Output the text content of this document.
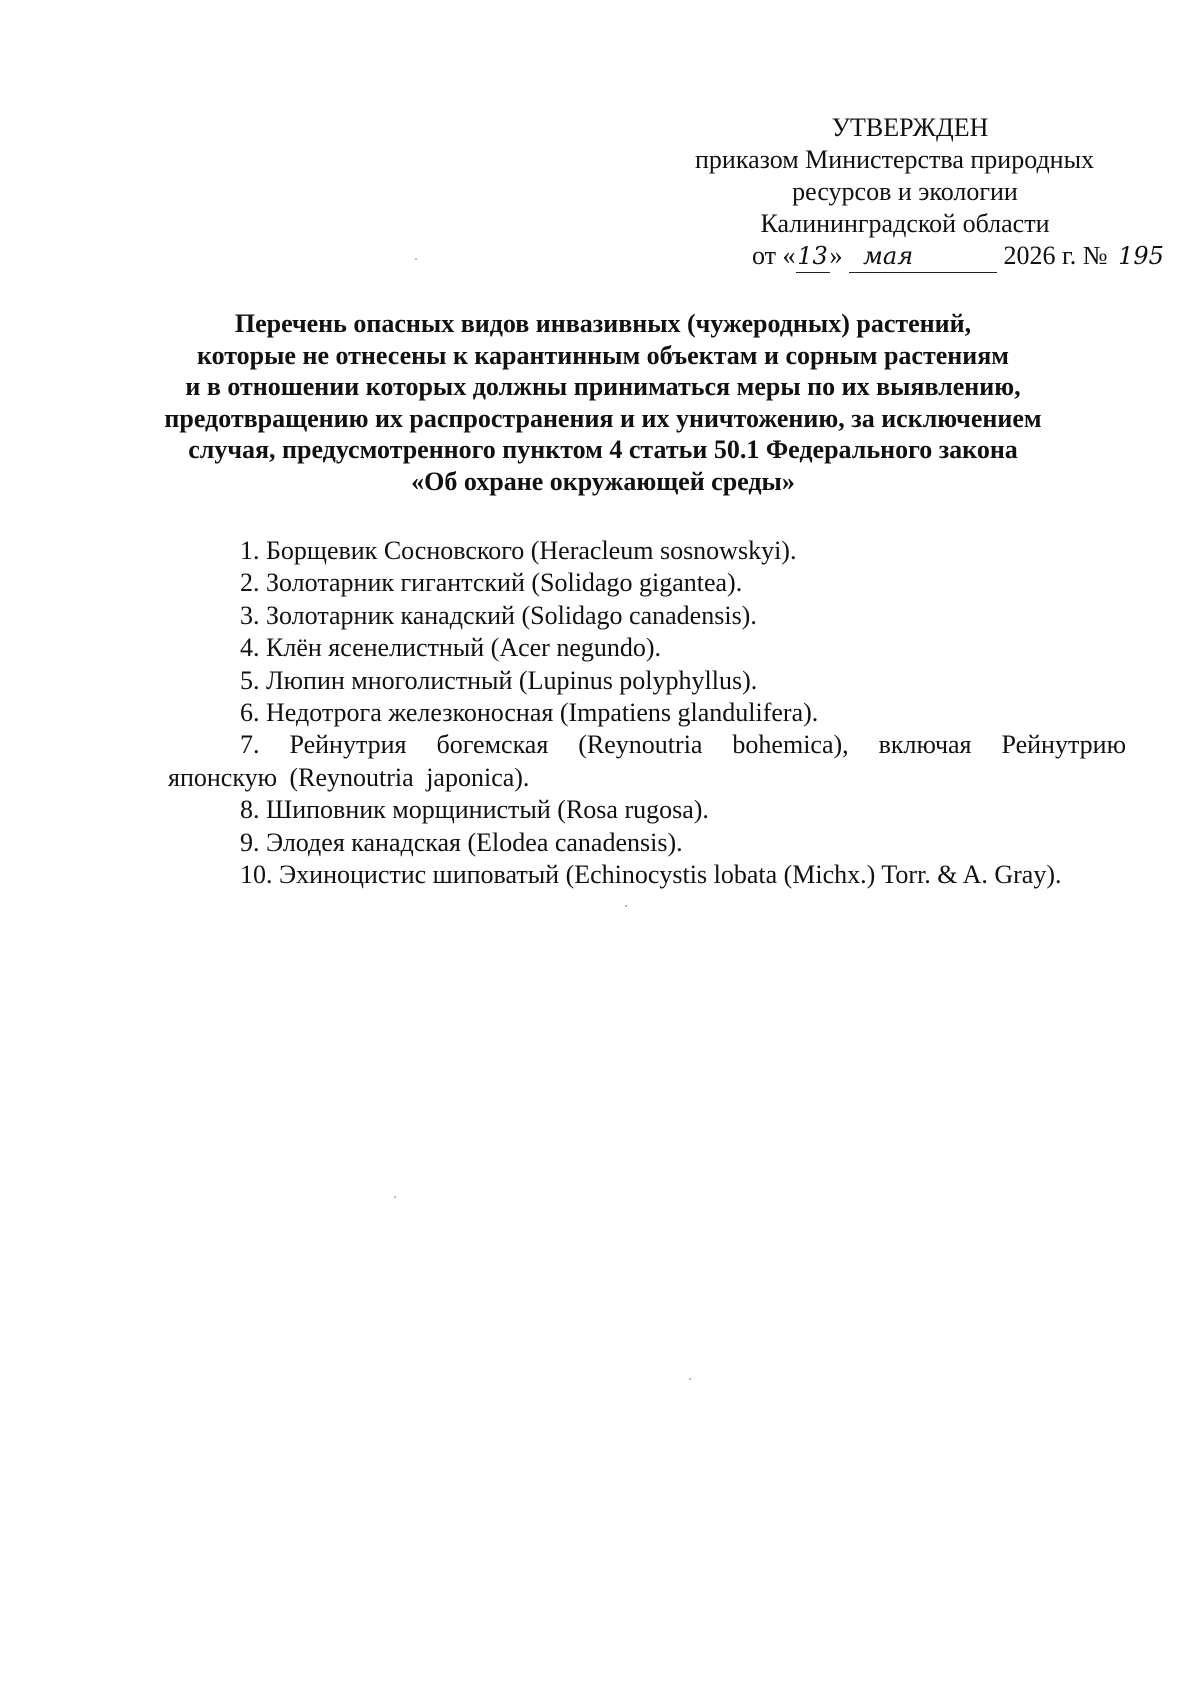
УТВЕРЖДЕН
приказом Министерства природных
ресурсов и экологии
Калининградской области
от «13» мая	2026 г. № 195
Перечень опасных видов инвазивных (чужеродных) растений,
которые не отнесены к карантинным объектам и сорным растениям
и в отношении которых должны приниматься меры по их выявлению,
предотвращению их распространения и их уничтожению, за исключением
случая, предусмотренного пунктом 4 статьи 50.1 Федерального закона
«Об охране окружающей среды»
1. Борщевик Сосновского (Heracleum sosnowskyi).
2. Золотарник гигантский (Solidago gigantea).
3. Золотарник канадский (Solidago canadensis).
4. Клён ясенелистный (Acer negundo).
5. Люпин многолистный (Lupinus polyphyllus).
6. Недотрога железконосная (Impatiens glandulifera).
7. Рейнутрия богемская (Reynoutria bohemica), включая Рейнутрию японскую (Reynoutria japonica).
8. Шиповник морщинистый (Rosa rugosa).
9. Элодея канадская (Elodea canadensis).
10. Эхиноцистис шиповатый (Echinocystis lobata (Michx.) Torr. & A. Gray).
